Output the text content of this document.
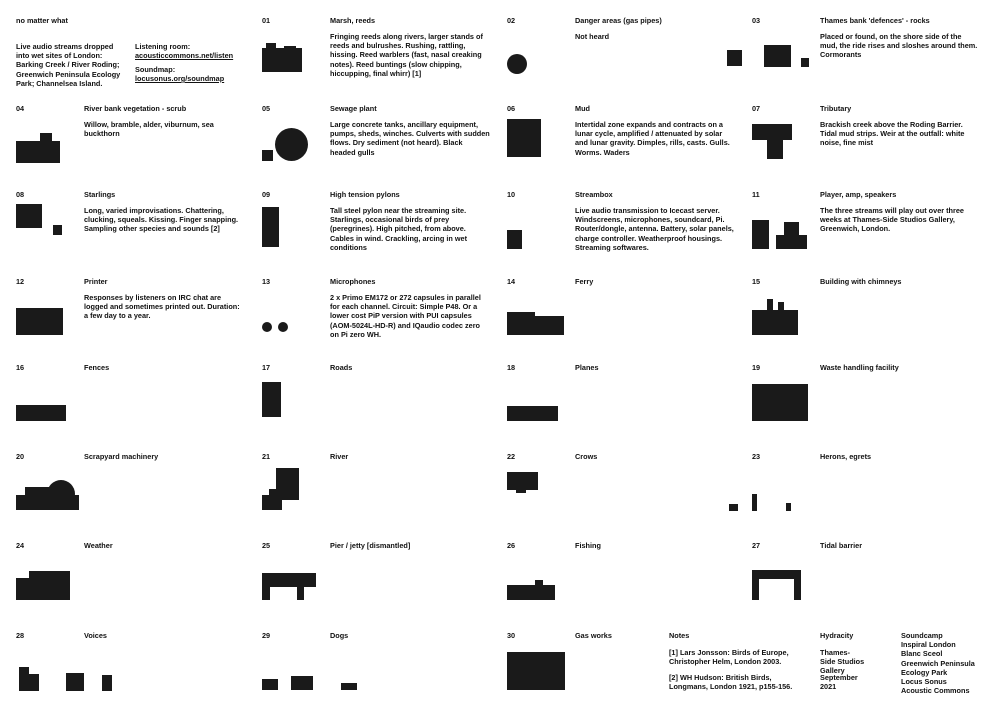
no matter what
Live audio streams dropped into wet sites of London: Barking Creek / River Roding; Greenwich Peninsula Ecology Park; Channelsea Island.
Listening room:
acousticcommons.net/listen
Soundmap:
locusonus.org/soundmap
01	Marsh, reeds
Fringing reeds along rivers, larger stands of reeds and bulrushes. Rushing, rattling, hissing. Reed warblers (fast, nasal creaking notes). Reed buntings (slow chipping, hiccupping, final whirr) [1]
02	Danger areas (gas pipes)
Not heard
03	Thames bank 'defences' - rocks
Placed or found, on the shore side of the mud, the ride rises and sloshes around them. Cormorants
04	River bank vegetation - scrub
Willow, bramble, alder, viburnum, sea buckthorn
05	Sewage plant
Large concrete tanks, ancillary equipment, pumps, sheds, winches. Culverts with sudden flows. Dry sediment (not heard). Black headed gulls
06	Mud
Intertidal zone expands and contracts on a lunar cycle, amplified / attenuated by solar and lunar gravity. Dimples, rills, casts. Gulls. Worms. Waders
07	Tributary
Brackish creek above the Roding Barrier. Tidal mud strips. Weir at the outfall: white noise, fine mist
08	Starlings
Long, varied improvisations. Chattering, clucking, squeals. Kissing. Finger snapping. Sampling other species and sounds [2]
09	High tension pylons
Tall steel pylon near the streaming site. Starlings, occasional birds of prey (peregrines). High pitched, from above. Cables in wind. Crackling, arcing in wet conditions
10	Streambox
Live audio transmission to Icecast server. Windscreens, microphones, soundcard, Pi. Router/dongle, antenna. Battery, solar panels, charge controller. Weatherproof housings. Streaming softwares.
11	Player, amp, speakers
The three streams will play out over three weeks at Thames-Side Studios Gallery, Greenwich, London.
12	Printer
Responses by listeners on IRC chat are logged and sometimes printed out. Duration: a few day to a year.
13	Microphones
2 x Primo EM172 or 272 capsules in parallel for each channel. Circuit: Simple P48. Or a lower cost PiP version with PUI capsules (AOM-5024L-HD-R) and IQaudio codec zero on Pi zero WH.
14	Ferry	15	Building with chimneys
16	Fences	17	Roads	18	Planes	19	Waste handling facility
20	Scrapyard machinery	21	River	22	Crows	23	Herons, egrets
24	Weather	25	Pier / jetty [dismantled]	26	Fishing	27	Tidal barrier
28	Voices	29	Dogs	30	Gas works	Notes
[1] Lars Jonsson: Birds of Europe, Christopher Helm, London 2003.
[2] WH Hudson: British Birds, Longmans, London 1921, p155-156.
Hydracity
Thames-
Side Studios
Gallery
September
2021
Soundcamp
Inspiral London
Blanc Sceol
Greenwich Peninsula Ecology Park
Locus Sonus
Acoustic Commons
